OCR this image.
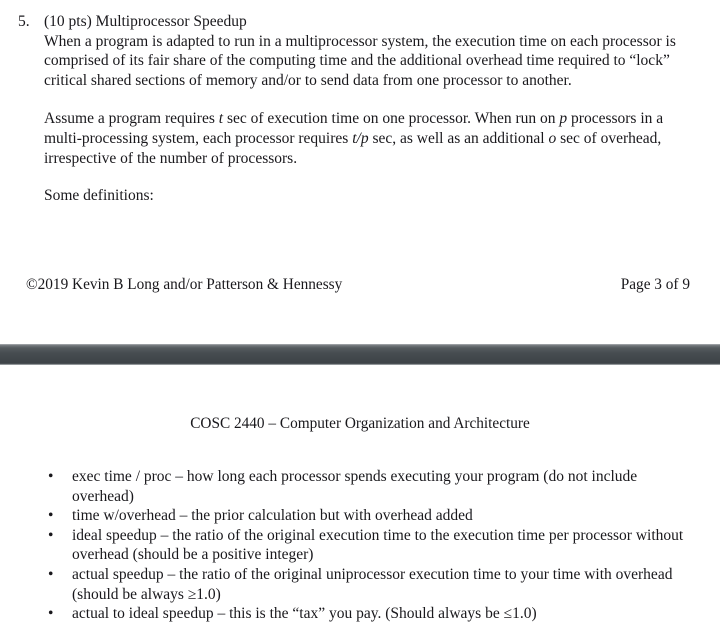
5. (10 pts) Multiprocessor Speedup

When a program is adapted to run in a multiprocessor system, the execution time on each processor is comprised of its fair share of the computing time and the additional overhead time required to “lock” critical shared sections of memory and/or to send data from one processor to another.

Assume a program requires t sec of execution time on one processor. When run on p processors in a multi-processing system, each processor requires t/p sec, as well as an additional o sec of overhead, irrespective of the number of processors.

Some definitions:

©2019 Kevin B Long and/or Patterson & Hennessy	Page 3 of 9
COSC 2440 – Computer Organization and Architecture
• exec time / proc – how long each processor spends executing your program (do not include overhead)
• time w/overhead – the prior calculation but with overhead added
• ideal speedup – the ratio of the original execution time to the execution time per processor without overhead (should be a positive integer)
• actual speedup – the ratio of the original uniprocessor execution time to your time with overhead (should be always ≥1.0)
• actual to ideal speedup – this is the “tax” you pay. (Should always be ≤1.0)
